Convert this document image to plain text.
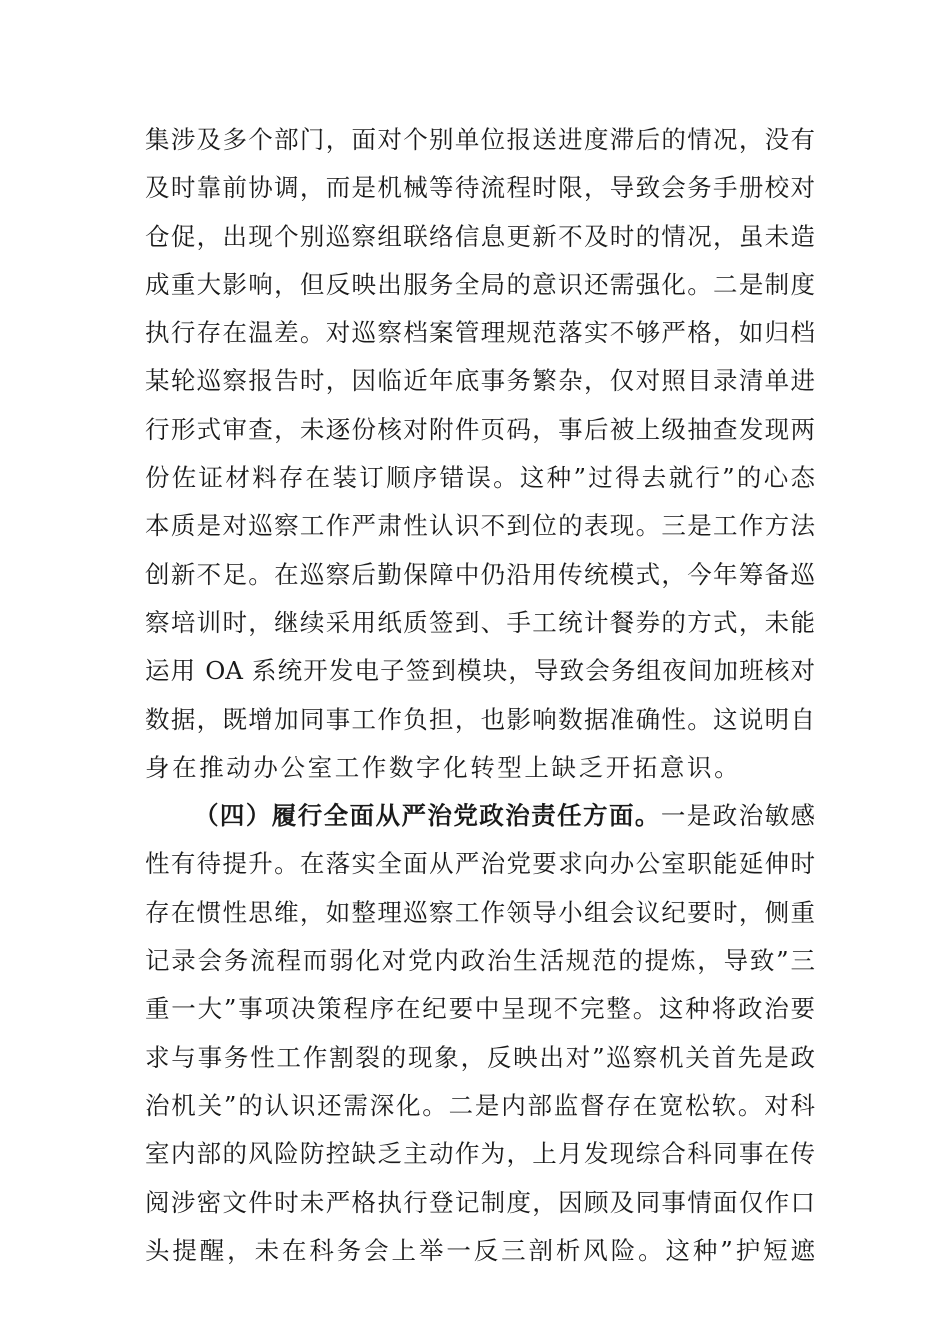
集涉及多个部门，面对个别单位报送进度滞后的情况，没有
及时靠前协调，而是机械等待流程时限，导致会务手册校对
仓促，出现个别巡察组联络信息更新不及时的情况，虽未造
成重大影响，但反映出服务全局的意识还需强化。二是制度
执行存在温差。对巡察档案管理规范落实不够严格，如归档
某轮巡察报告时，因临近年底事务繁杂，仅对照目录清单进
行形式审查，未逐份核对附件页码，事后被上级抽查发现两
份佐证材料存在装订顺序错误。这种”过得去就行”的心态
本质是对巡察工作严肃性认识不到位的表现。三是工作方法
创新不足。在巡察后勤保障中仍沿用传统模式，今年筹备巡
察培训时，继续采用纸质签到、手工统计餐券的方式，未能
运用 OA 系统开发电子签到模块，导致会务组夜间加班核对
数据，既增加同事工作负担，也影响数据准确性。这说明自
身在推动办公室工作数字化转型上缺乏开拓意识。
（四）履行全面从严治党政治责任方面。一是政治敏感
性有待提升。在落实全面从严治党要求向办公室职能延伸时
存在惯性思维，如整理巡察工作领导小组会议纪要时，侧重
记录会务流程而弱化对党内政治生活规范的提炼，导致”三
重一大”事项决策程序在纪要中呈现不完整。这种将政治要
求与事务性工作割裂的现象，反映出对”巡察机关首先是政
治机关”的认识还需深化。二是内部监督存在宽松软。对科
室内部的风险防控缺乏主动作为，上月发现综合科同事在传
阅涉密文件时未严格执行登记制度，因顾及同事情面仅作口
头提醒，未在科务会上举一反三剖析风险。这种”护短遮
